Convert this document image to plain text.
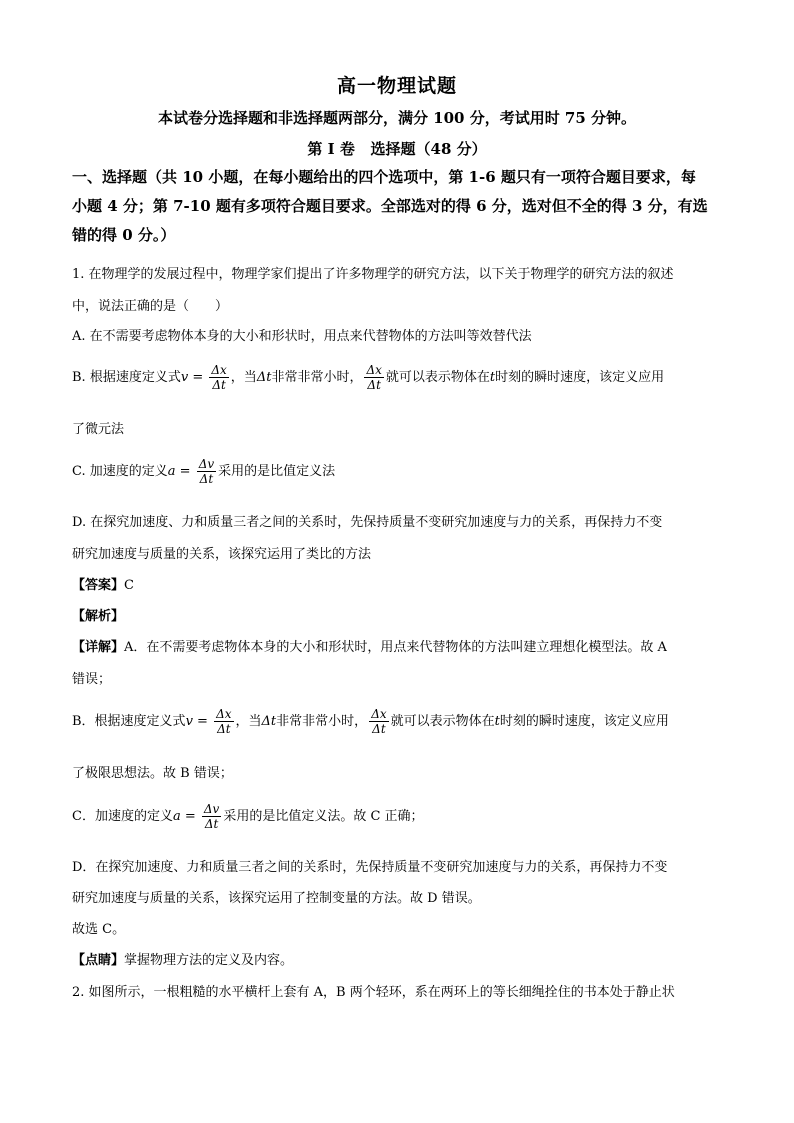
高一物理试题
本试卷分选择题和非选择题两部分，满分 100 分，考试用时 75 分钟。
第 I 卷 选择题（48 分）
一、选择题（共 10 小题，在每小题给出的四个选项中，第 1-6 题只有一项符合题目要求，每
小题 4 分；第 7-10 题有多项符合题目要求。全部选对的得 6 分，选对但不全的得 3 分，有选
错的得 0 分。）
1. 在物理学的发展过程中，物理学家们提出了许多物理学的研究方法，以下关于物理学的研究方法的叙述
中，说法正确的是（　　）
A. 在不需要考虑物体本身的大小和形状时，用点来代替物体的方法叫等效替代法
B. 根据速度定义式$v = \frac{\Delta x}{\Delta t}$ ，当Δt非常非常小时， $\frac{\Delta x}{\Delta t}$ 就可以表示物体在t时刻的瞬时速度，该定义应用
了微元法
C. 加速度的定义$a = \frac{\Delta v}{\Delta t}$ 采用的是比值定义法
D. 在探究加速度、力和质量三者之间的关系时，先保持质量不变研究加速度与力的关系，再保持力不变
研究加速度与质量的关系，该探究运用了类比的方法
【答案】C
【解析】
【详解】A．在不需要考虑物体本身的大小和形状时，用点来代替物体的方法叫建立理想化模型法。故 A
错误；
B．根据速度定义式$v = \frac{\Delta x}{\Delta t}$ ，当Δt非常非常小时， $\frac{\Delta x}{\Delta t}$ 就可以表示物体在t时刻的瞬时速度，该定义应用
了极限思想法。故 B 错误；
C．加速度的定义$a = \frac{\Delta v}{\Delta t}$ 采用的是比值定义法。故 C 正确；
D．在探究加速度、力和质量三者之间的关系时，先保持质量不变研究加速度与力的关系，再保持力不变
研究加速度与质量的关系，该探究运用了控制变量的方法。故 D 错误。
故选 C。
【点睛】掌握物理方法的定义及内容。
2. 如图所示，一根粗糙的水平横杆上套有 A，B 两个轻环，系在两环上的等长细绳拴住的书本处于静止状
